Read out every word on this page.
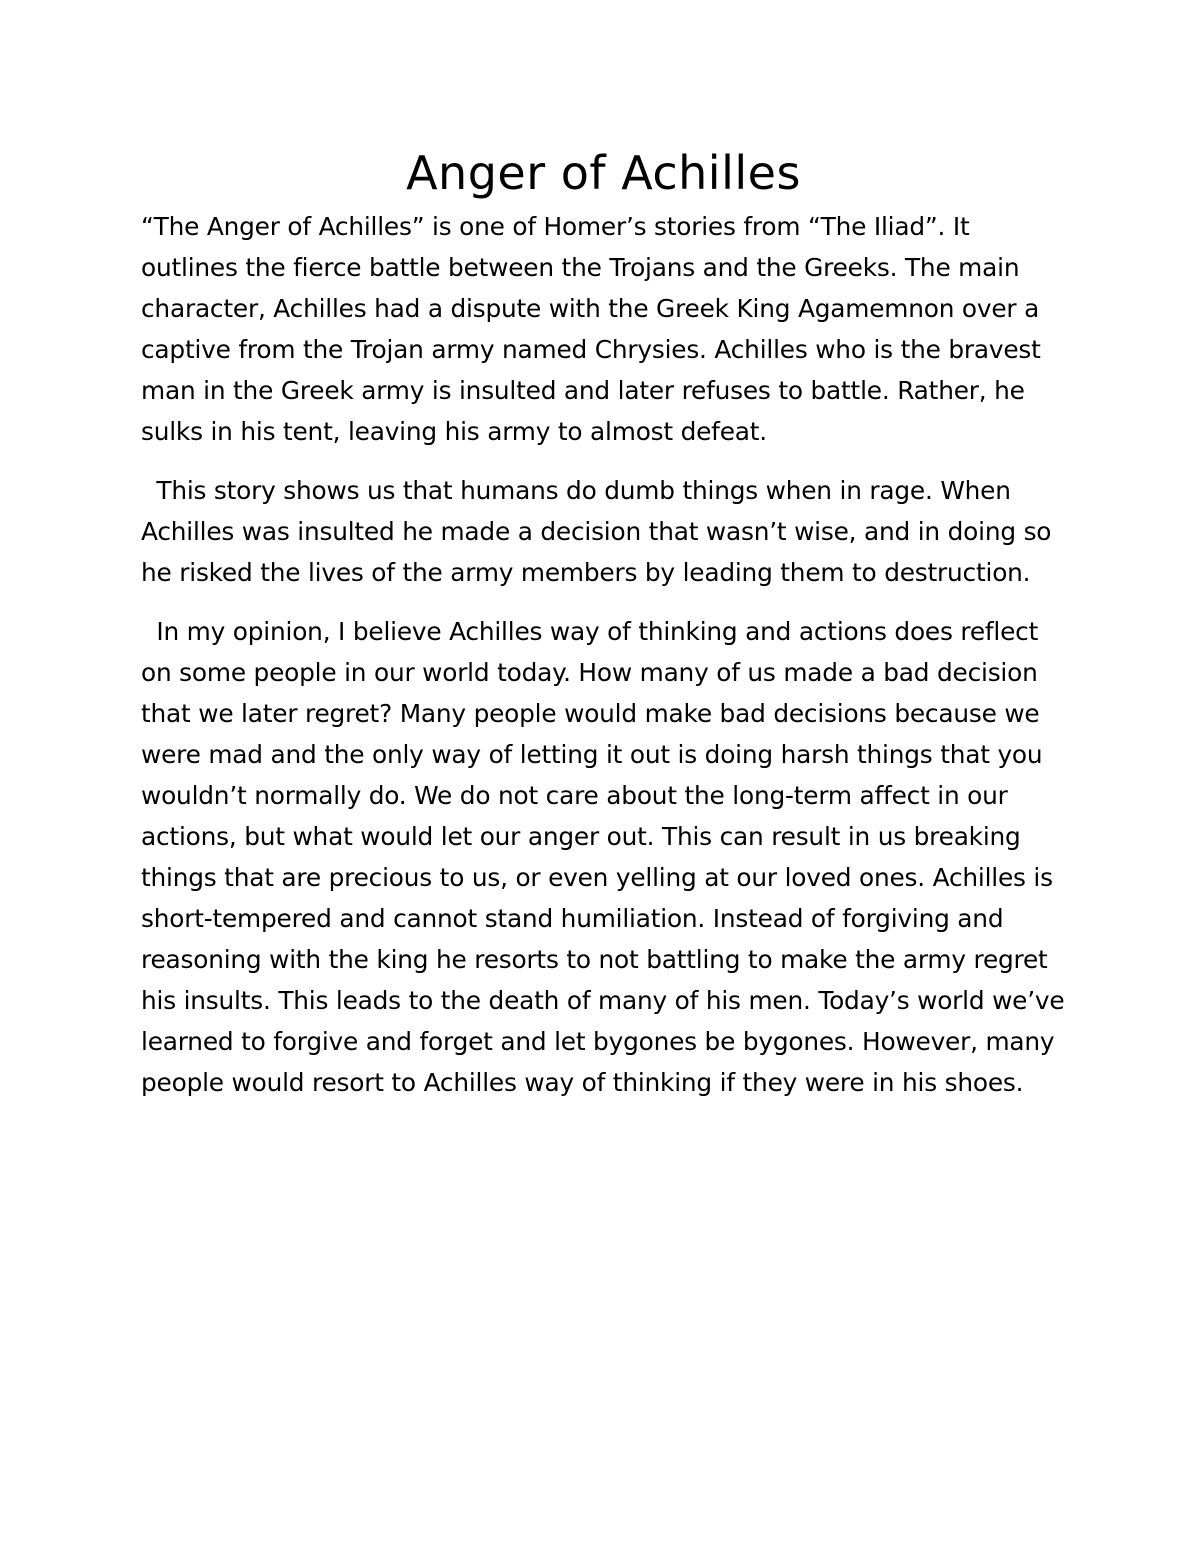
Anger of Achilles

“The Anger of Achilles” is one of Homer’s stories from “The Iliad”. It outlines the fierce battle between the Trojans and the Greeks. The main character, Achilles had a dispute with the Greek King Agamemnon over a captive from the Trojan army named Chrysies. Achilles who is the bravest man in the Greek army is insulted and later refuses to battle. Rather, he sulks in his tent, leaving his army to almost defeat.

This story shows us that humans do dumb things when in rage. When Achilles was insulted he made a decision that wasn’t wise, and in doing so he risked the lives of the army members by leading them to destruction.

In my opinion, I believe Achilles way of thinking and actions does reflect on some people in our world today. How many of us made a bad decision that we later regret? Many people would make bad decisions because we were mad and the only way of letting it out is doing harsh things that you wouldn’t normally do. We do not care about the long-term affect in our actions, but what would let our anger out. This can result in us breaking things that are precious to us, or even yelling at our loved ones. Achilles is short-tempered and cannot stand humiliation. Instead of forgiving and reasoning with the king he resorts to not battling to make the army regret his insults. This leads to the death of many of his men. Today’s world we’ve learned to forgive and forget and let bygones be bygones. However, many people would resort to Achilles way of thinking if they were in his shoes.
